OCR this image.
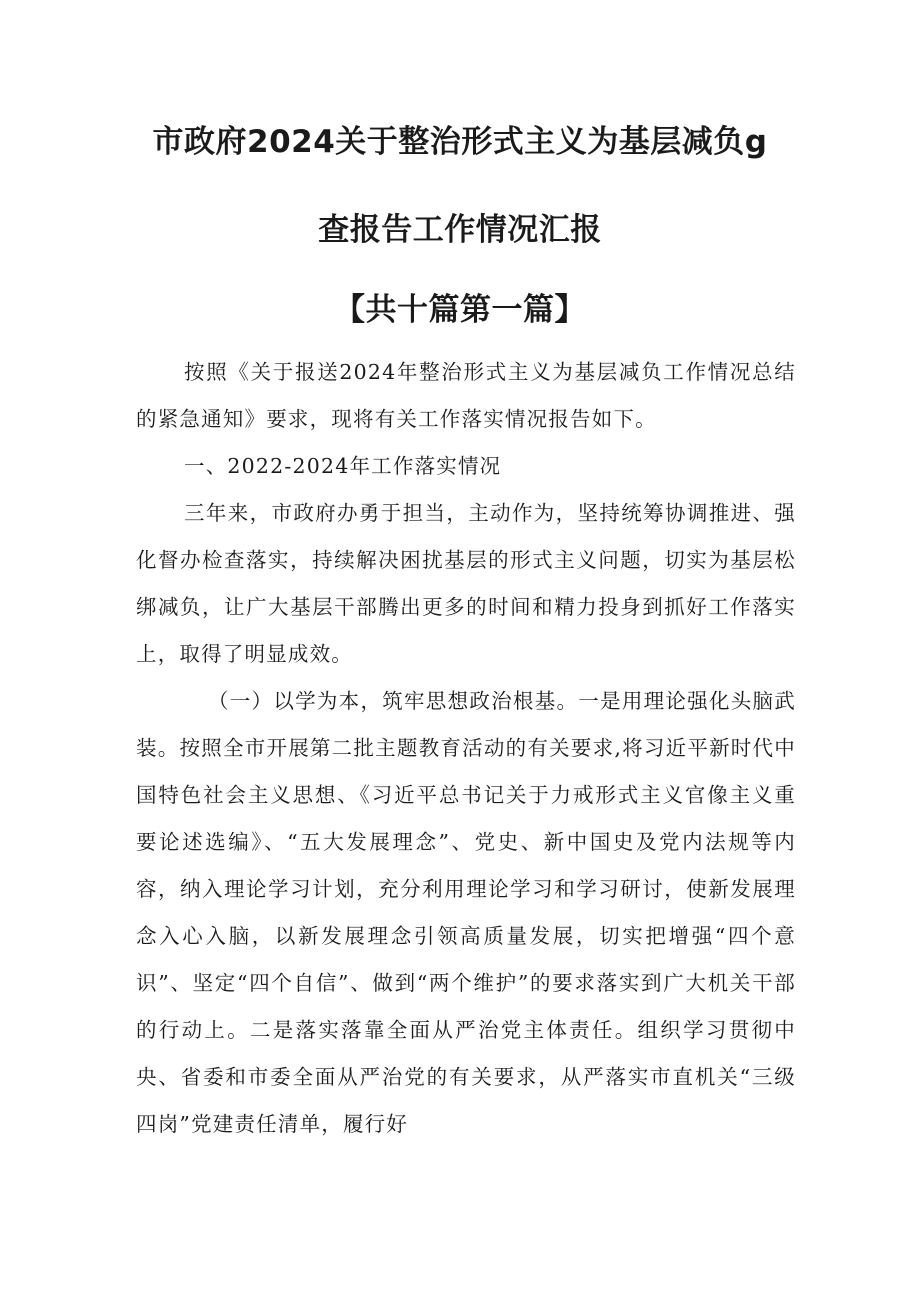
市政府2024关于整治形式主义为基层减负g
查报告工作情况汇报
【共十篇第一篇】

按照《关于报送2024年整治形式主义为基层减负工作情况总结的紧急通知》要求，现将有关工作落实情况报告如下。

一、2022-2024年工作落实情况

三年来，市政府办勇于担当，主动作为，坚持统筹协调推进、强化督办检查落实，持续解决困扰基层的形式主义问题，切实为基层松绑减负，让广大基层干部腾出更多的时间和精力投身到抓好工作落实上，取得了明显成效。

（一）以学为本，筑牢思想政治根基。一是用理论强化头脑武装。按照全市开展第二批主题教育活动的有关要求,将习近平新时代中国特色社会主义思想、《习近平总书记关于力戒形式主义官像主义重要论述选编》、“五大发展理念”、党史、新中国史及党内法规等内容，纳入理论学习计划，充分利用理论学习和学习研讨，使新发展理念入心入脑，以新发展理念引领高质量发展，切实把增强“四个意识”、坚定“四个自信”、做到“两个维护”的要求落实到广大机关干部的行动上。二是落实落靠全面从严治党主体责任。组织学习贯彻中央、省委和市委全面从严治党的有关要求，从严落实市直机关“三级四岗”党建责任清单，履行好
